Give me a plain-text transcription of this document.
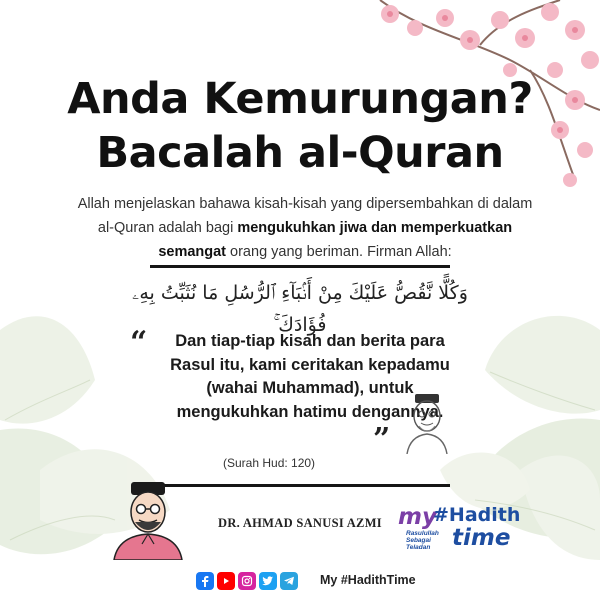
Anda Kemurungan?
Bacalah al-Quran

Allah menjelaskan bahawa kisah-kisah yang dipersembahkan di dalam al-Quran adalah bagi mengukuhkan jiwa dan memperkuatkan semangat orang yang beriman. Firman Allah:

وَكُلًّا نَّقُصُّ عَلَيْكَ مِنْ أَنۢبَآءِ ٱلرُّسُلِ مَا نُثَبِّتُ بِهِۦ فُؤَادَكَ ۚ
“	Dan tiap-tiap kisah dan berita para Rasul itu, kami ceritakan kepadamu (wahai Muhammad), untuk mengukuhkan hatimu dengannya.
”
(Surah Hud: 120)
DR. AHMAD SANUSI AZMI my
#Hadith
Rasulullah Sebagai Teladan time
My #HadithTime
